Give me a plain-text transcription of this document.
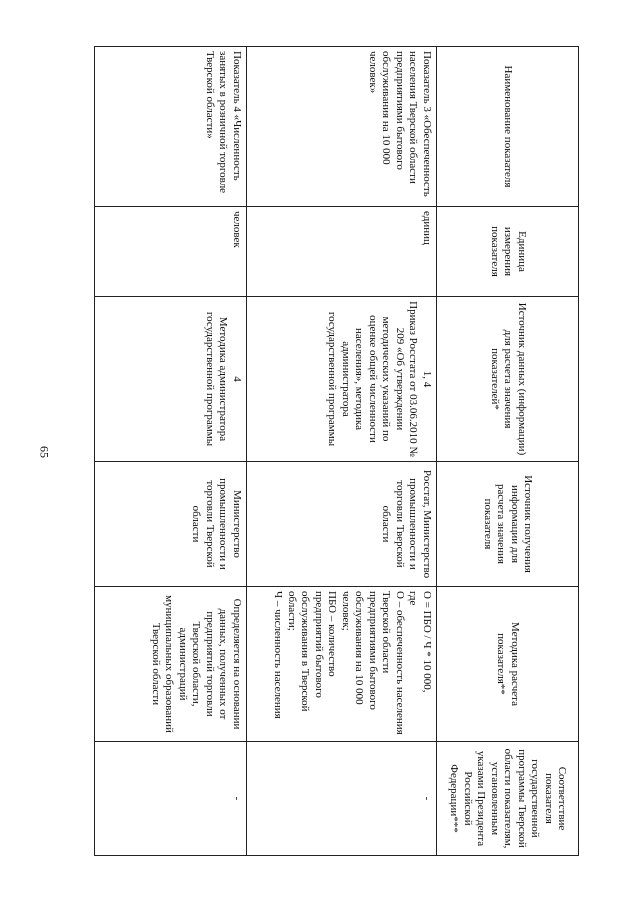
65
Наименование показателя
Единица измерения показателя
Источник данных (информации) для расчета значения показателей*
Источник получения информации для расчета значения показателя
Методика расчета показателя**
Соответствие показателя государственной программы Тверской области показателям, установленным указами Президента Российской Федерации***
Показатель 3 «Обеспеченность населения Тверской области предприятиями бытового обслуживания на 10 000 человек»
единиц
1, 4
Приказ Росстата от 03.06.2010 № 209 «Об утверждении методических указаний по оценке общей численности населения», методика администратора государственной программы
Росстат, Министерство промышленности и торговли Тверской области
О = ПБО / Ч * 10 000,
где
О – обеспеченность населения Тверской области предприятиями бытового обслуживания на 10 000 человек;
ПБО – количество предприятий бытового обслуживания в Тверской области;
Ч – численность населения
-
Показатель 4 «Численность занятых в розничной торговле Тверской области»
человек
4
Методика администратора государственной программы
Министерство промышленности и торговли Тверской области
Определяется на основании данных, полученных от предприятий торговли Тверской области, администраций муниципальных образований Тверской области
-
